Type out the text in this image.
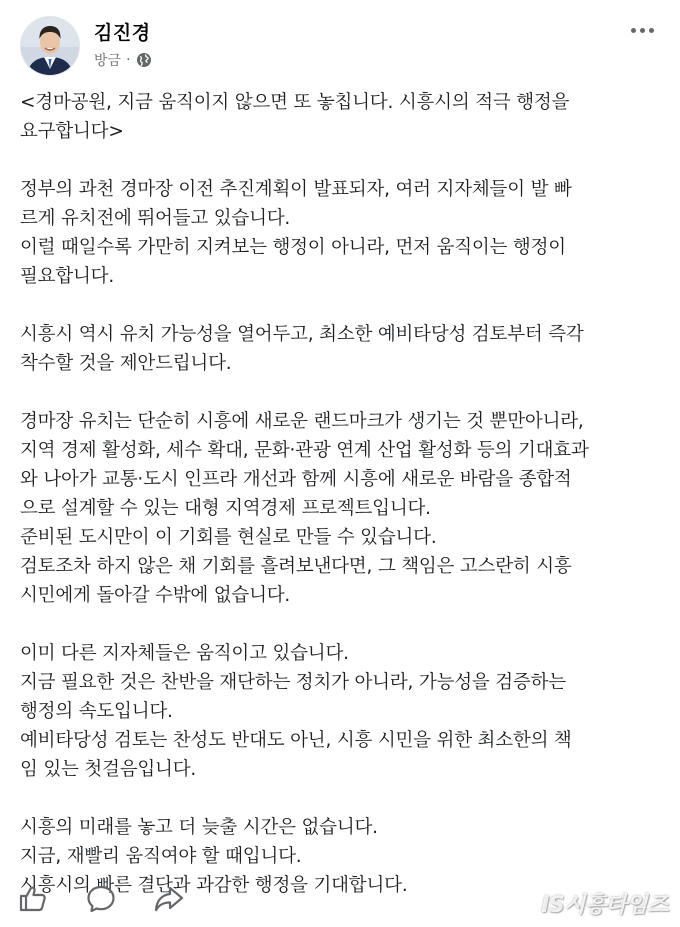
김진경
방금 ·

<경마공원, 지금 움직이지 않으면 또 놓칩니다. 시흥시의 적극 행정을
요구합니다>

정부의 과천 경마장 이전 추진계획이 발표되자, 여러 지자체들이 발 빠
르게 유치전에 뛰어들고 있습니다.
이럴 때일수록 가만히 지켜보는 행정이 아니라, 먼저 움직이는 행정이
필요합니다.

시흥시 역시 유치 가능성을 열어두고, 최소한 예비타당성 검토부터 즉각
착수할 것을 제안드립니다.

경마장 유치는 단순히 시흥에 새로운 랜드마크가 생기는 것 뿐만아니라,
지역 경제 활성화, 세수 확대, 문화·관광 연계 산업 활성화 등의 기대효과
와 나아가 교통·도시 인프라 개선과 함께 시흥에 새로운 바람을 종합적
으로 설계할 수 있는 대형 지역경제 프로젝트입니다.
준비된 도시만이 이 기회를 현실로 만들 수 있습니다.
검토조차 하지 않은 채 기회를 흘려보낸다면, 그 책임은 고스란히 시흥
시민에게 돌아갈 수밖에 없습니다.

이미 다른 지자체들은 움직이고 있습니다.
지금 필요한 것은 찬반을 재단하는 정치가 아니라, 가능성을 검증하는
행정의 속도입니다.
예비타당성 검토는 찬성도 반대도 아닌, 시흥 시민을 위한 최소한의 책
임 있는 첫걸음입니다.

시흥의 미래를 놓고 더 늦출 시간은 없습니다.
지금, 재빨리 움직여야 할 때입니다.
시흥시의 빠른 결단과 과감한 행정을 기대합니다.

IS시흥타임즈
